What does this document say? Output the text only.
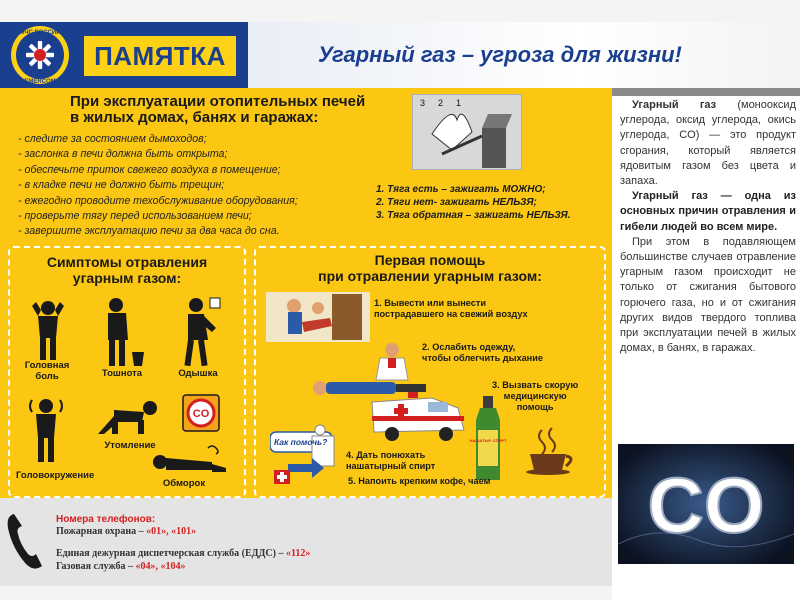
МЧС РОССИИ
EMERCOM
ПАМЯТКА	Угарный газ – угроза для жизни!
При эксплуатации отопительных печей
в жилых домах, банях и гаражах:
- следите за состоянием дымоходов;
- заслонка в печи должна быть открыта;
- обеспечьте приток свежего воздуха в помещение;
- в кладке печи не должно быть трещин;
- ежегодно проводите техобслуживание оборудования;
- проверьте тягу перед использованием печи;
- завершите эксплуатацию печи за два часа до сна.
3 2 1
1. Тяга есть – зажигать МОЖНО;
2. Тяги нет- зажигать НЕЛЬЗЯ;
3. Тяга обратная – зажигать НЕЛЬЗЯ.
Симптомы отравления
угарным газом:
Головная
боль	Тошнота	Одышка
Головокружение
Утомление
CO
Обморок
Первая помощь
при отравлении угарным газом:
1. Вывести или вынести
пострадавшего на свежий воздух
2. Ослабить одежду,
чтобы облегчить дыхание
3. Вызвать скорую
медицинскую
помощь
Как помочь?	НАШАТЫР. СПИРТ
4. Дать понюхать
нашатырный спирт
5. Напоить крепким кофе, чаем
Номера телефонов:
Пожарная охрана – «01», «101»
Единая дежурная диспетчерская служба (ЕДДС) – «112»
Газовая служба – «04», «104»

Угарный газ (монооксид углерода, оксид углерода, окись углерода, CO) — это продукт сгорания, который является ядовитым газом без цвета и запаха.

Угарный газ — одна из основных причин отравления и гибели людей во всем мире.

При этом в подавляющем большинстве случаев отравление угарным газом происходит не только от сжигания бытового горючего газа, но и от сжигания других видов твердого топлива при эксплуатации печей в жилых домах, в банях, в гаражах.

CO
